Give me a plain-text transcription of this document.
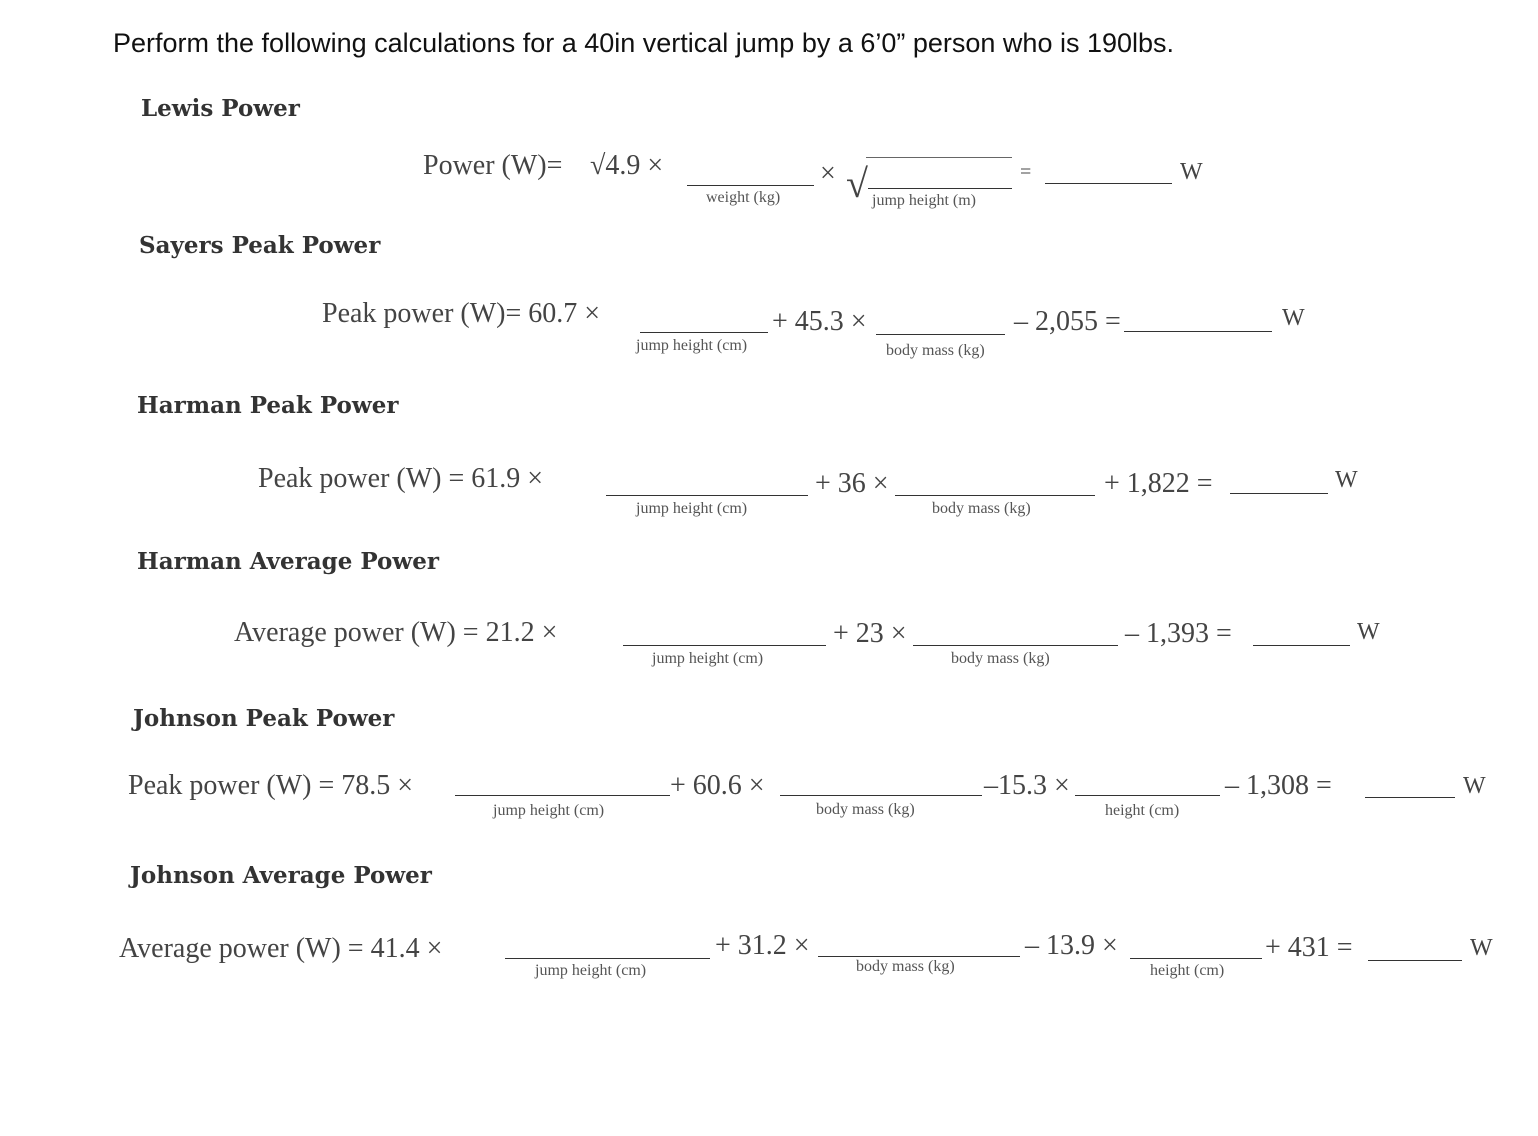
Perform the following calculations for a 40in vertical jump by a 6’0” person who is 190lbs.
Lewis Power
Power (W)= √4.9 ×
weight (kg)
× √ jump height (m)
=	W
Sayers Peak Power
Peak power (W)= 60.7 ×
jump height (cm)
+ 45.3 ×
body mass (kg)
– 2,055 =	W
Harman Peak Power
Peak power (W) = 61.9 ×
jump height (cm)
+ 36 ×
body mass (kg)
+ 1,822 =	W
Harman Average Power
Average power (W) = 21.2 ×
jump height (cm)
+ 23 ×
body mass (kg)
– 1,393 =	W
Johnson Peak Power
Peak power (W) = 78.5 ×
jump height (cm)
+ 60.6 ×
body mass (kg)
–15.3 ×
height (cm)
– 1,308 =	W
Johnson Average Power
Average power (W) = 41.4 ×
jump height (cm)
+ 31.2 ×
body mass (kg)
– 13.9 ×
height (cm)
+ 431 =	W
